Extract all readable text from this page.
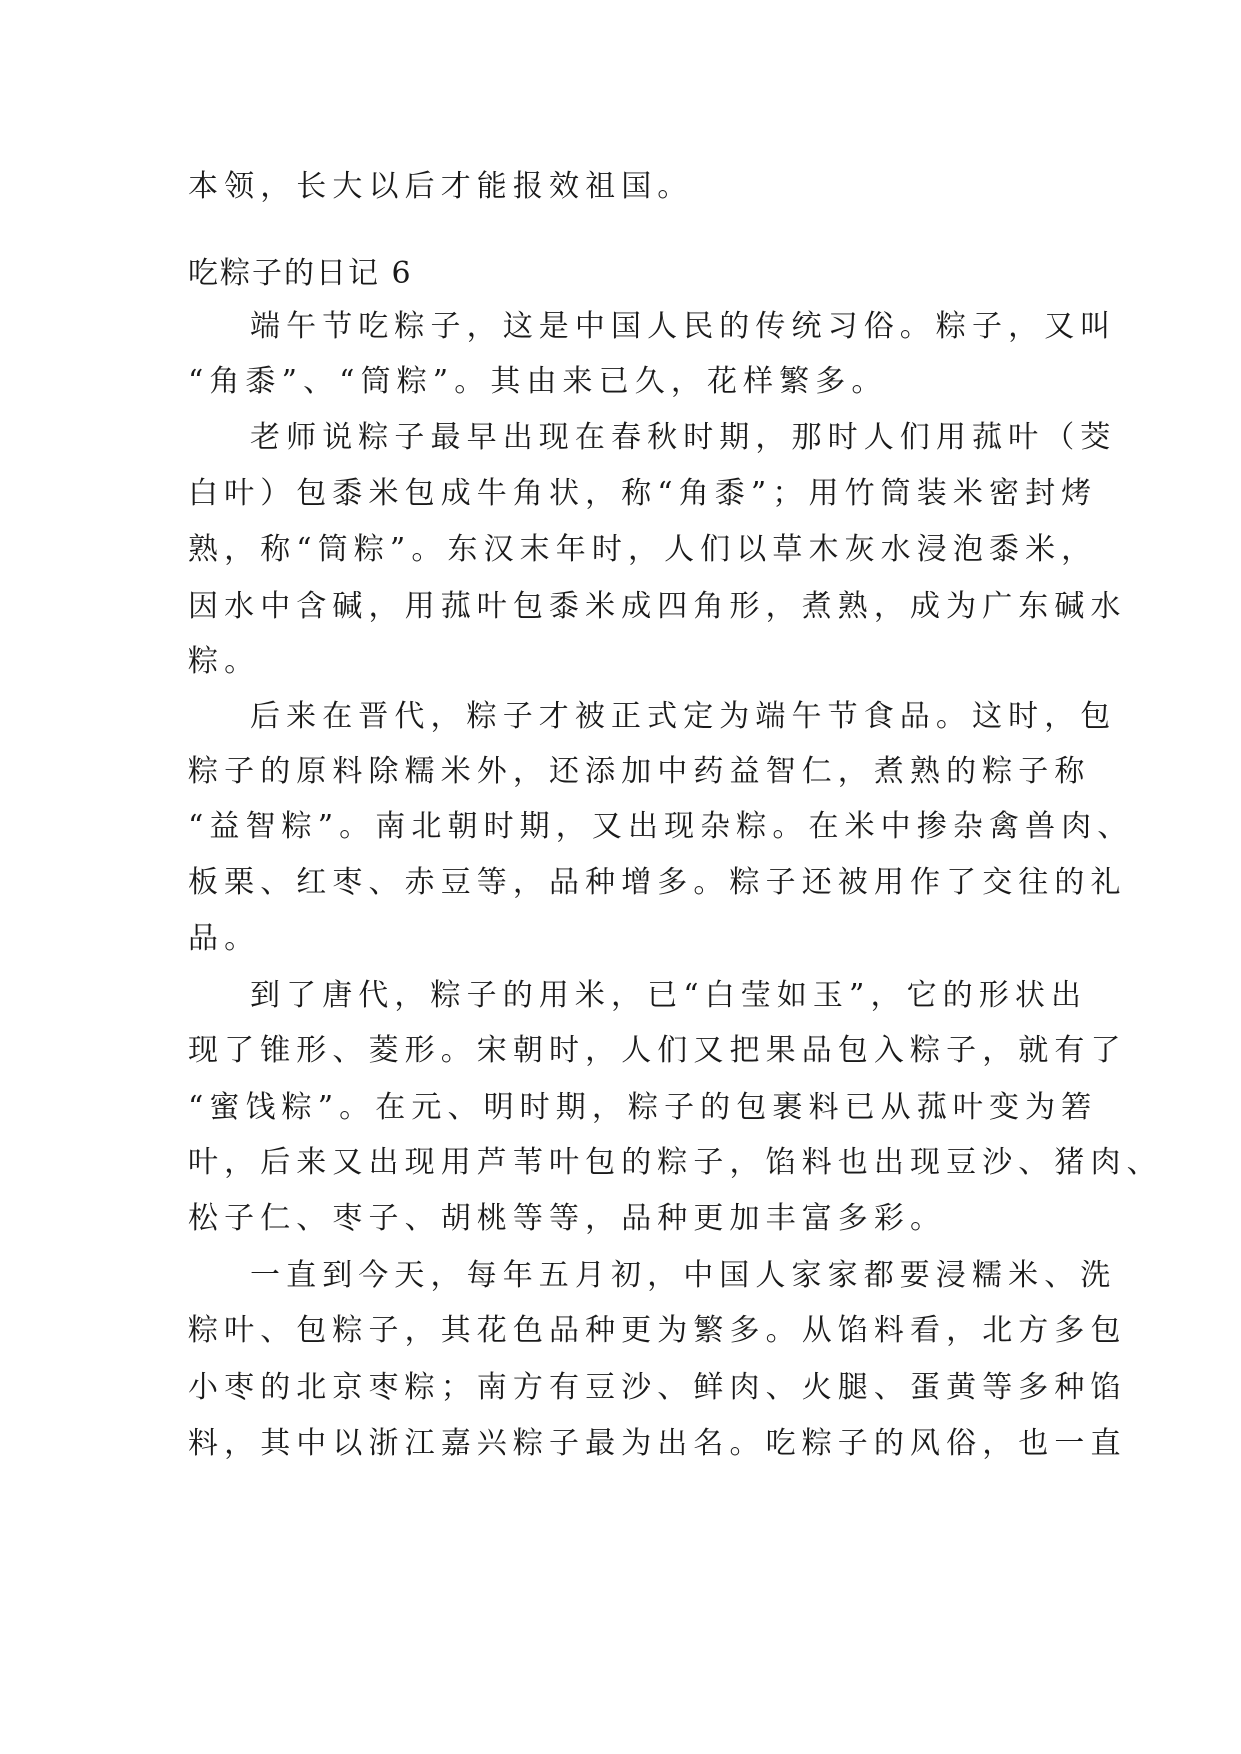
本领，长大以后才能报效祖国。
吃粽子的日记 6
端午节吃粽子，这是中国人民的传统习俗。粽子，又叫
“角黍”、“筒粽”。其由来已久，花样繁多。
老师说粽子最早出现在春秋时期，那时人们用菰叶（茭
白叶）包黍米包成牛角状，称“角黍”；用竹筒装米密封烤
熟，称“筒粽”。东汉末年时，人们以草木灰水浸泡黍米，
因水中含碱，用菰叶包黍米成四角形，煮熟，成为广东碱水
粽。
后来在晋代，粽子才被正式定为端午节食品。这时，包
粽子的原料除糯米外，还添加中药益智仁，煮熟的粽子称
“益智粽”。南北朝时期，又出现杂粽。在米中掺杂禽兽肉、
板栗、红枣、赤豆等，品种增多。粽子还被用作了交往的礼
品。
到了唐代，粽子的用米，已“白莹如玉”，它的形状出
现了锥形、菱形。宋朝时，人们又把果品包入粽子，就有了
“蜜饯粽”。在元、明时期，粽子的包裹料已从菰叶变为箬
叶，后来又出现用芦苇叶包的粽子，馅料也出现豆沙、猪肉、
松子仁、枣子、胡桃等等，品种更加丰富多彩。
一直到今天，每年五月初，中国人家家都要浸糯米、洗
粽叶、包粽子，其花色品种更为繁多。从馅料看，北方多包
小枣的北京枣粽；南方有豆沙、鲜肉、火腿、蛋黄等多种馅
料，其中以浙江嘉兴粽子最为出名。吃粽子的风俗，也一直
